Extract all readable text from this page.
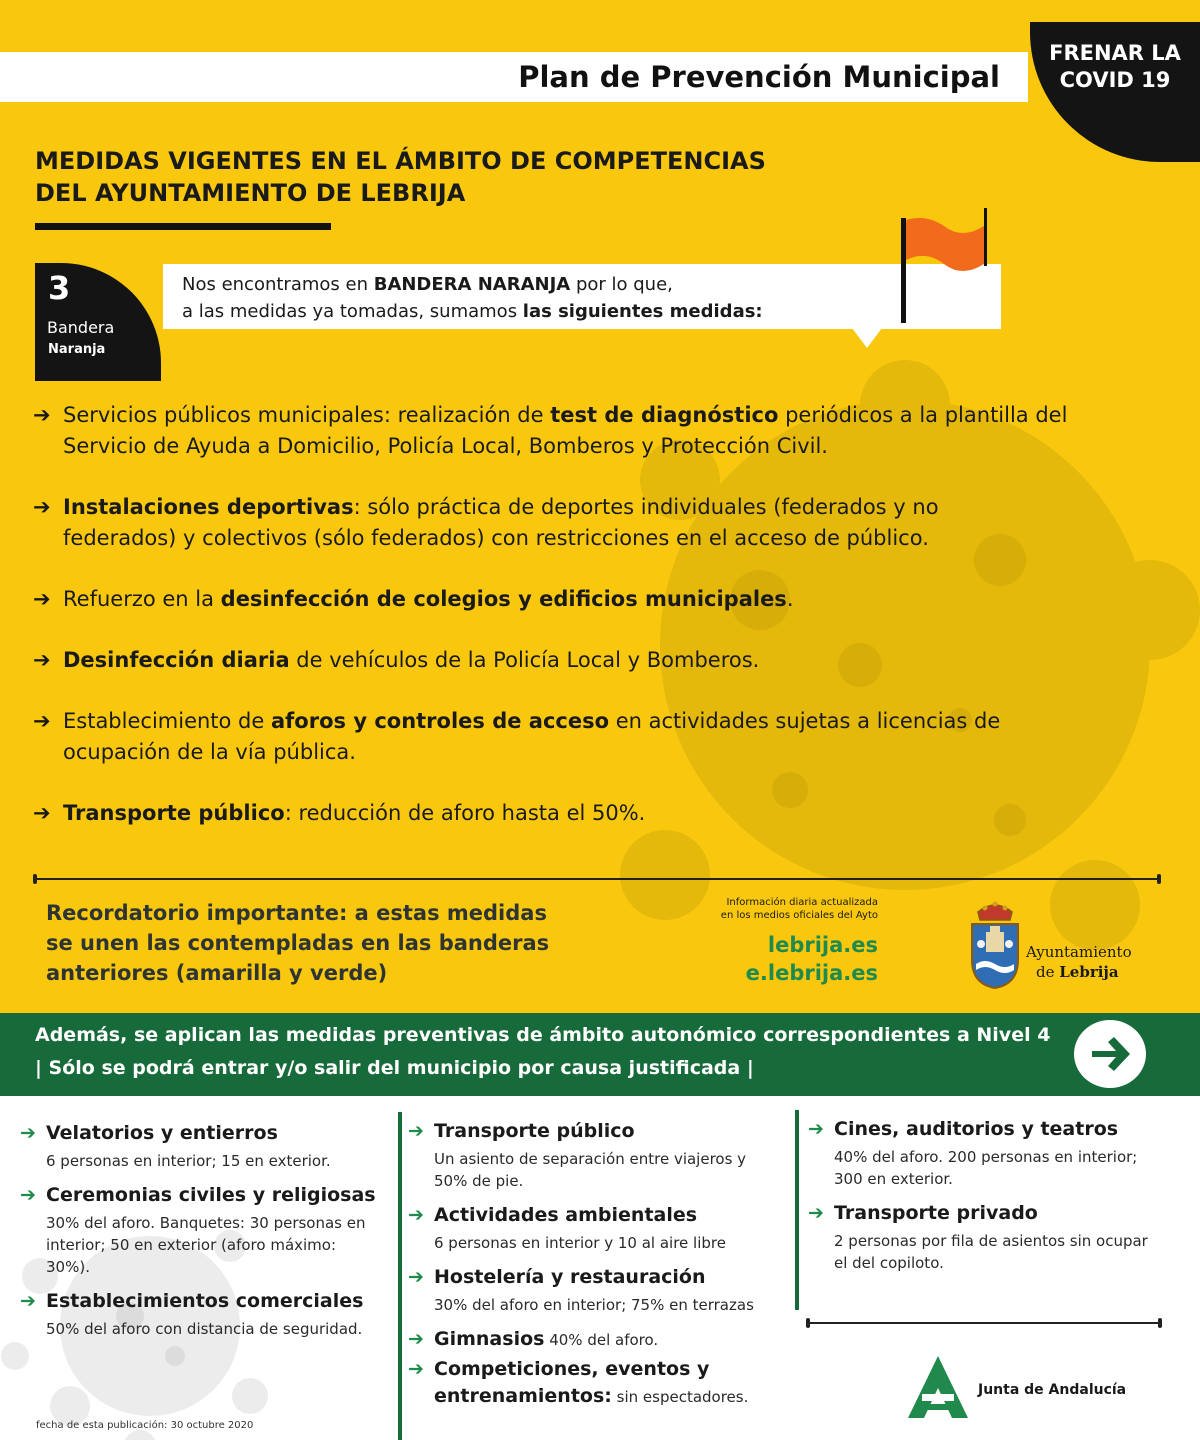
Plan de Prevención Municipal
FRENAR LA
COVID 19
MEDIDAS VIGENTES EN EL ÁMBITO DE COMPETENCIAS
DEL AYUNTAMIENTO DE LEBRIJA
3
Bandera
Naranja
Nos encontramos en BANDERA NARANJA por lo que,
a las medidas ya tomadas, sumamos las siguientes medidas:
➔ Servicios públicos municipales: realización de test de diagnóstico periódicos a la plantilla del Servicio de Ayuda a Domicilio, Policía Local, Bomberos y Protección Civil.
➔ Instalaciones deportivas: sólo práctica de deportes individuales (federados y no federados) y colectivos (sólo federados) con restricciones en el acceso de público.
➔ Refuerzo en la desinfección de colegios y edificios municipales.
➔ Desinfección diaria de vehículos de la Policía Local y Bomberos.
➔ Establecimiento de aforos y controles de acceso en actividades sujetas a licencias de ocupación de la vía pública.
➔ Transporte público: reducción de aforo hasta el 50%.
Recordatorio importante: a estas medidas
se unen las contempladas en las banderas
anteriores (amarilla y verde)
Información diaria actualizada
en los medios oficiales del Ayto
lebrija.es
e.lebrija.es
Ayuntamiento
de Lebrija
Además, se aplican las medidas preventivas de ámbito autonómico correspondientes a Nivel 4
| Sólo se podrá entrar y/o salir del municipio por causa justificada |
➔ Velatorios y entierros
6 personas en interior; 15 en exterior.
➔ Ceremonias civiles y religiosas
30% del aforo. Banquetes: 30 personas en interior; 50 en exterior (aforo máximo: 30%).
➔ Establecimientos comerciales
50% del aforo con distancia de seguridad.
➔ Transporte público
Un asiento de separación entre viajeros y 50% de pie.
➔ Actividades ambientales
6 personas en interior y 10 al aire libre
➔ Hostelería y restauración
30% del aforo en interior; 75% en terrazas
➔ Gimnasios 40% del aforo.
➔ Competiciones, eventos y entrenamientos: sin espectadores.
➔ Cines, auditorios y teatros
40% del aforo. 200 personas en interior; 300 en exterior.
➔ Transporte privado
2 personas por fila de asientos sin ocupar el del copiloto.
Junta de Andalucía
fecha de esta publicación: 30 octubre 2020
